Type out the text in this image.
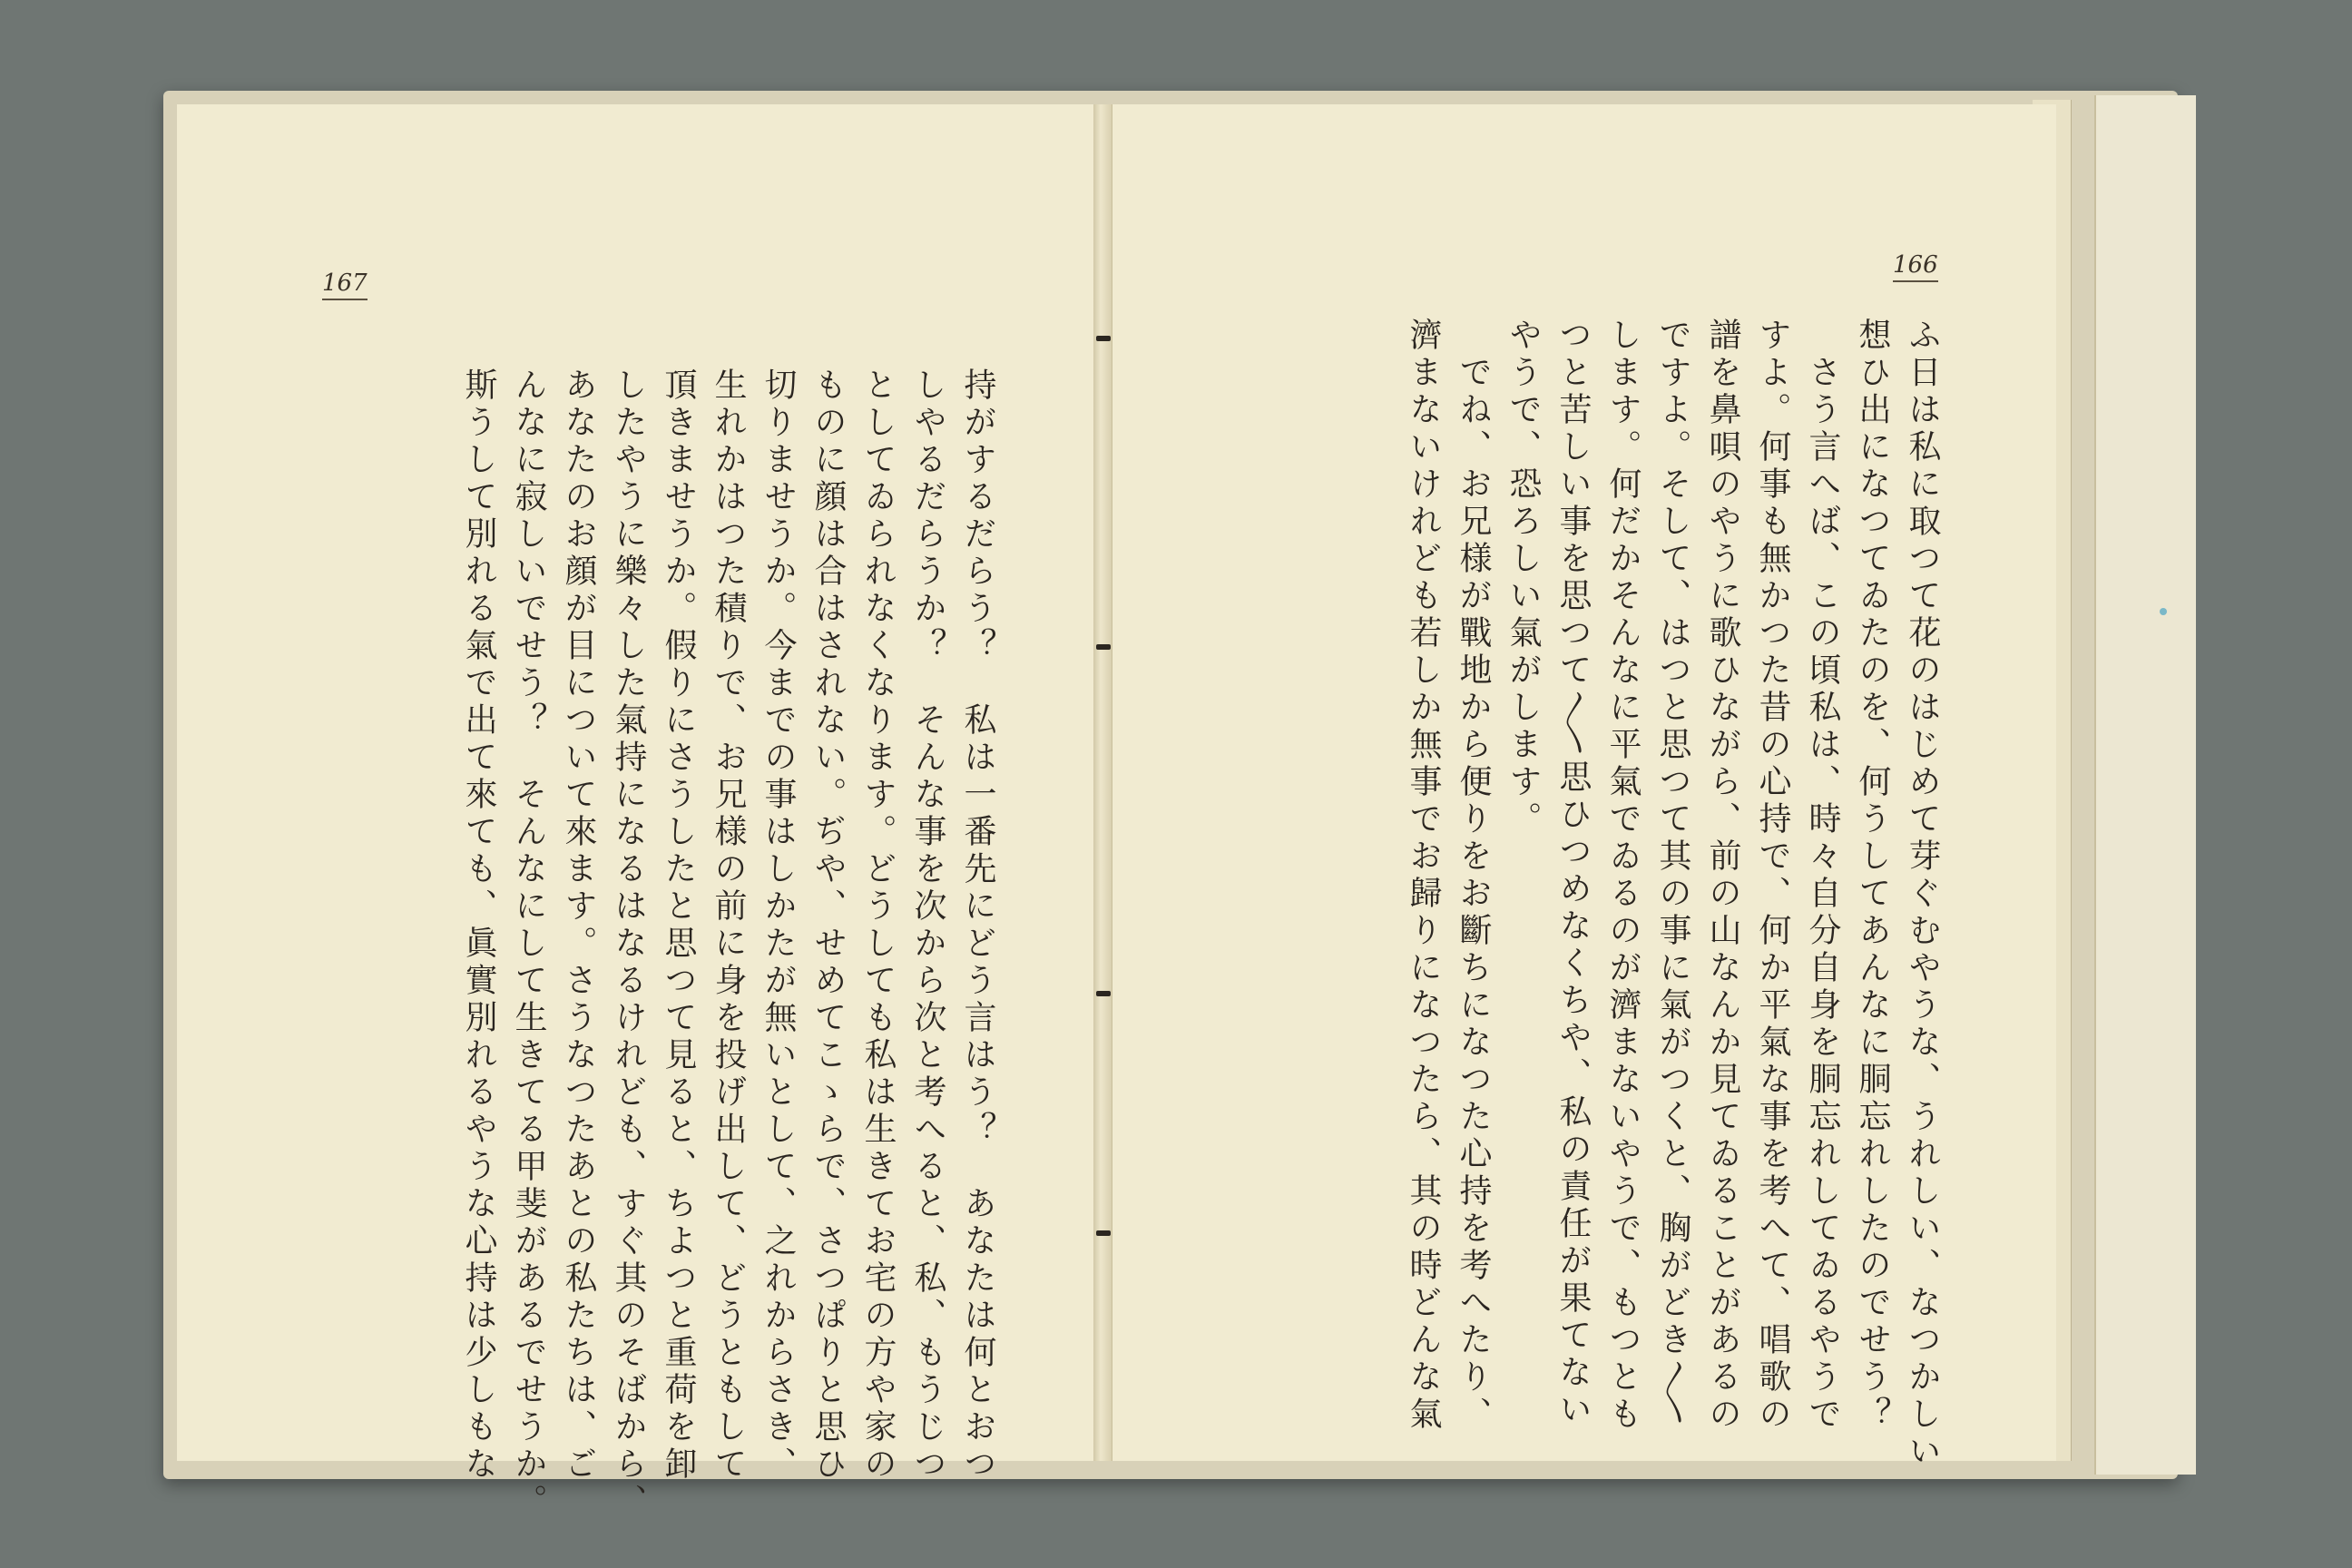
167
持がするだらう？　私は一番先にどう言はう？　あなたは何とおつ
しやるだらうか？　そんな事を次から次と考へると、私、もうじつ
としてゐられなくなります。どうしても私は生きてお宅の方や家の
ものに顔は合はされない。ぢや、せめてこゝらで、さつぱりと思ひ
切りませうか。今までの事はしかたが無いとして、之れからさき、
生れかはつた積りで、お兄様の前に身を投げ出して、どうともして
頂きませうか。假りにさうしたと思つて見ると、ちよつと重荷を卸
したやうに樂々した氣持になるはなるけれども、すぐ其のそばから、
あなたのお顔が目について來ます。さうなつたあとの私たちは、ご
んなに寂しいでせう？　そんなにして生きてる甲斐があるでせうか。
斯うして別れる氣で出て來ても、眞實別れるやうな心持は少しもな
166
ふ日は私に取つて花のはじめて芽ぐむやうな、うれしい、なつかしい
想ひ出になつてゐたのを、何うしてあんなに胴忘れしたのでせう？
　さう言へば、この頃私は、時々自分自身を胴忘れしてゐるやうで
すよ。何事も無かつた昔の心持で、何か平氣な事を考へて、唱歌の
譜を鼻唄のやうに歌ひながら、前の山なんか見てゐることがあるの
ですよ。そして、はつと思つて其の事に氣がつくと、胸がどき〳〵
します。何だかそんなに平氣でゐるのが濟まないやうで、もつとも
つと苦しい事を思つて〳〵思ひつめなくちや、私の責任が果てない
やうで、恐ろしい氣がします。
　でね、お兄様が戰地から便りをお斷ちになつた心持を考へたり、
濟まないけれども若しか無事でお歸りになつたら、其の時どんな氣
